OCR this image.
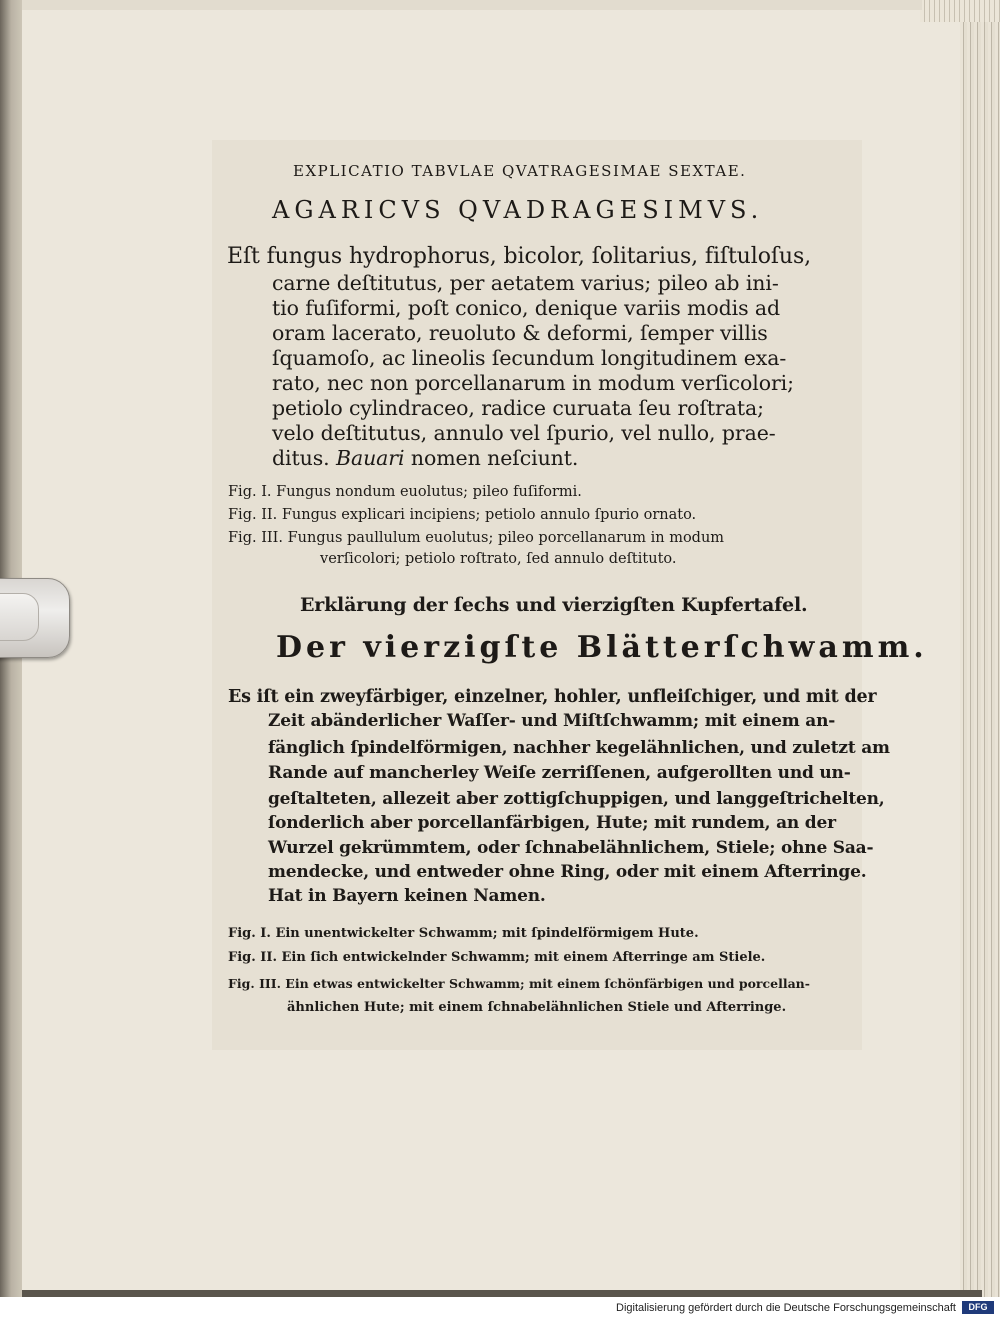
EXPLICATIO TABVLAE QVATRAGESIMAE SEXTAE.
AGARICVS QVADRAGESIMVS.
Eſt fungus hydrophorus, bicolor, ſolitarius, fiſtuloſus,
carne deſtitutus, per aetatem varius; pileo ab ini-
tio fuſiformi, poſt conico, denique variis modis ad
oram lacerato, reuoluto & deformi, ſemper villis
ſquamoſo, ac lineolis ſecundum longitudinem exa-
rato, nec non porcellanarum in modum verſicolori;
petiolo cylindraceo, radice curuata ſeu roſtrata;
velo deſtitutus, annulo vel ſpurio, vel nullo, prae-
ditus. Bauari nomen neſciunt.
Fig. I. Fungus nondum euolutus; pileo fuſiformi.
Fig. II. Fungus explicari incipiens; petiolo annulo ſpurio ornato.
Fig. III. Fungus paullulum euolutus; pileo porcellanarum in modum
verſicolori; petiolo roſtrato, ſed annulo deſtituto.
Erklärung der ſechs und vierzigſten Kupfertafel.
Der vierzigſte Blätterſchwamm.
Es iſt ein zweyfärbiger, einzelner, hohler, unfleiſchiger, und mit der
Zeit abänderlicher Waſſer- und Miſtſchwamm; mit einem an-
fänglich ſpindelförmigen, nachher kegelähnlichen, und zuletzt am
Rande auf mancherley Weiſe zerriſſenen, aufgerollten und un-
geſtalteten, allezeit aber zottigſchuppigen, und langgeſtrichelten,
ſonderlich aber porcellanfärbigen, Hute; mit rundem, an der
Wurzel gekrümmtem, oder ſchnabelähnlichem, Stiele; ohne Saa-
mendecke, und entweder ohne Ring, oder mit einem Afterringe.
Hat in Bayern keinen Namen.
Fig. I. Ein unentwickelter Schwamm; mit ſpindelförmigem Hute.
Fig. II. Ein ſich entwickelnder Schwamm; mit einem Afterringe am Stiele.
Fig. III. Ein etwas entwickelter Schwamm; mit einem ſchönfärbigen und porcellan-
ähnlichen Hute; mit einem ſchnabelähnlichen Stiele und Afterringe.
Digitalisierung gefördert durch die Deutsche Forschungsgemeinschaft	DFG
